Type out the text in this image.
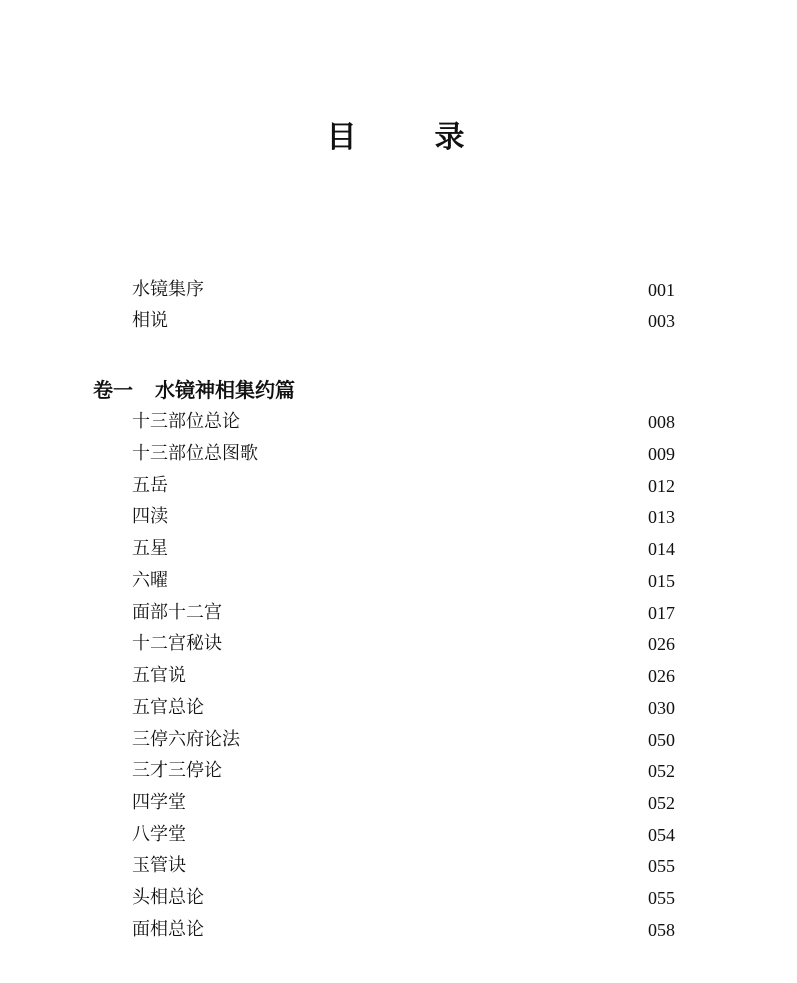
目　录
水镜集序	001
相说	003
卷一 水镜神相集约篇
十三部位总论	008
十三部位总图歌	009
五岳	012
四渎	013
五星	014
六曜	015
面部十二宫	017
十二宫秘诀	026
五官说	026
五官总论	030
三停六府论法	050
三才三停论	052
四学堂	052
八学堂	054
玉管诀	055
头相总论	055
面相总论	058
